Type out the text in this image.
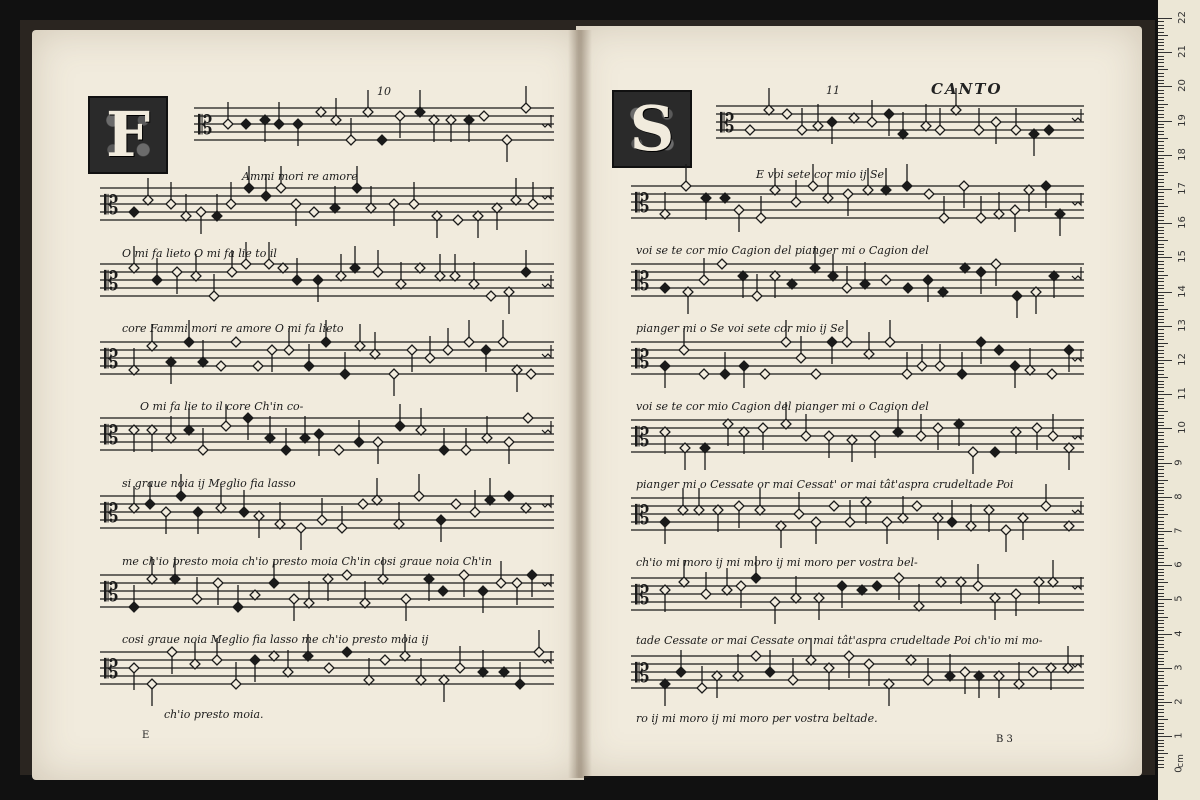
10
F 𝄡
𝄡
𝄡
𝄡
𝄡
𝄡
𝄡
𝄡
Ammi mori re amore
O mi fa lieto O mi fa lie to il
core Fammi mori re amore O mi fa lieto
O mi fa lie to il core Ch'in co-
si graue noia ij Meglio fia lasso
me ch'io presto moia ch'io presto moia Ch'in cosi graue noia Ch'in
cosi graue noia Meglio fia lasso me ch'io presto moia ij
ch'io presto moia.
E
11	CANTO
S 𝄡
𝄡
𝄡
𝄡
𝄡
𝄡
𝄡
𝄡
E voi sete cor mio ij Se
voi se te cor mio Cagion del pianger mi o Cagion del
pianger mi o Se voi sete cor mio ij Se
voi se te cor mio Cagion del pianger mi o Cagion del
pianger mi o Cessate or mai Cessat' or mai tât'aspra crudeltade Poi
ch'io mi moro ij mi moro ij mi moro per vostra bel-
tade Cessate or mai Cessate or mai tât'aspra crudeltade Poi ch'io mi mo-
ro ij mi moro ij mi moro per vostra beltade.
B 3
cm
22
21
20
19
18
17
16
15
14
13
12
11
10
9
8
7
6
5
4
3
2
1
0
